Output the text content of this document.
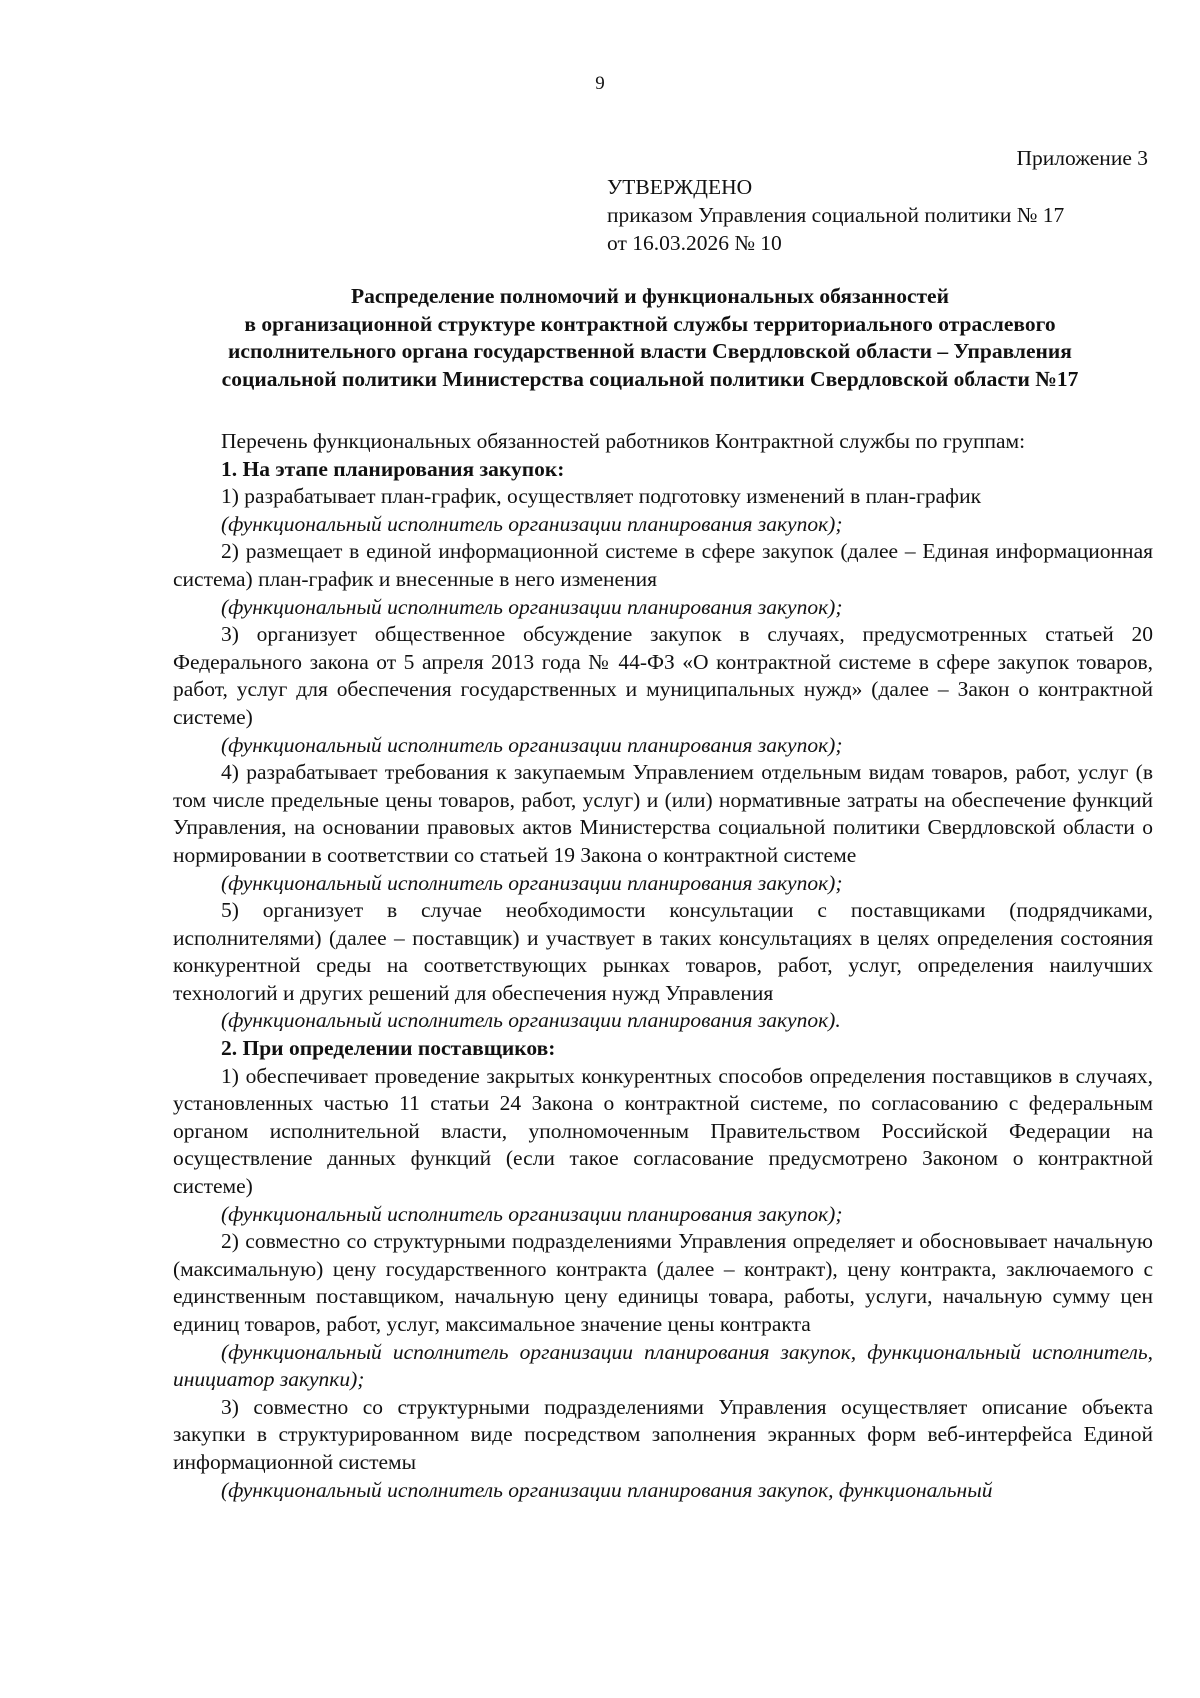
9
Приложение 3
УТВЕРЖДЕНО
приказом Управления социальной политики № 17
от 16.03.2026 № 10
Распределение полномочий и функциональных обязанностей
в организационной структуре контрактной службы территориального отраслевого
исполнительного органа государственной власти Свердловской области – Управления
социальной политики Министерства социальной политики Свердловской области №17

Перечень функциональных обязанностей работников Контрактной службы по группам:

1. На этапе планирования закупок:

1) разрабатывает план-график, осуществляет подготовку изменений в план-график

(функциональный исполнитель организации планирования закупок);

2) размещает в единой информационной системе в сфере закупок (далее – Единая информационная система) план-график и внесенные в него изменения

(функциональный исполнитель организации планирования закупок);

3) организует общественное обсуждение закупок в случаях, предусмотренных статьей 20 Федерального закона от 5 апреля 2013 года № 44-ФЗ «О контрактной системе в сфере закупок товаров, работ, услуг для обеспечения государственных и муниципальных нужд» (далее – Закон о контрактной системе)

(функциональный исполнитель организации планирования закупок);

4) разрабатывает требования к закупаемым Управлением отдельным видам товаров, работ, услуг (в том числе предельные цены товаров, работ, услуг) и (или) нормативные затраты на обеспечение функций Управления, на основании правовых актов Министерства социальной политики Свердловской области о нормировании в соответствии со статьей 19 Закона о контрактной системе

(функциональный исполнитель организации планирования закупок);

5) организует в случае необходимости консультации с поставщиками (подрядчиками, исполнителями) (далее – поставщик) и участвует в таких консультациях в целях определения состояния конкурентной среды на соответствующих рынках товаров, работ, услуг, определения наилучших технологий и других решений для обеспечения нужд Управления

(функциональный исполнитель организации планирования закупок).

2. При определении поставщиков:

1) обеспечивает проведение закрытых конкурентных способов определения поставщиков в случаях, установленных частью 11 статьи 24 Закона о контрактной системе, по согласованию с федеральным органом исполнительной власти, уполномоченным Правительством Российской Федерации на осуществление данных функций (если такое согласование предусмотрено Законом о контрактной системе)

(функциональный исполнитель организации планирования закупок);

2) совместно со структурными подразделениями Управления определяет и обосновывает начальную (максимальную) цену государственного контракта (далее – контракт), цену контракта, заключаемого с единственным поставщиком, начальную цену единицы товара, работы, услуги, начальную сумму цен единиц товаров, работ, услуг, максимальное значение цены контракта

(функциональный исполнитель организации планирования закупок, функциональный исполнитель, инициатор закупки);

3) совместно со структурными подразделениями Управления осуществляет описание объекта закупки в структурированном виде посредством заполнения экранных форм веб-интерфейса Единой информационной системы

(функциональный исполнитель организации планирования закупок, функциональный
